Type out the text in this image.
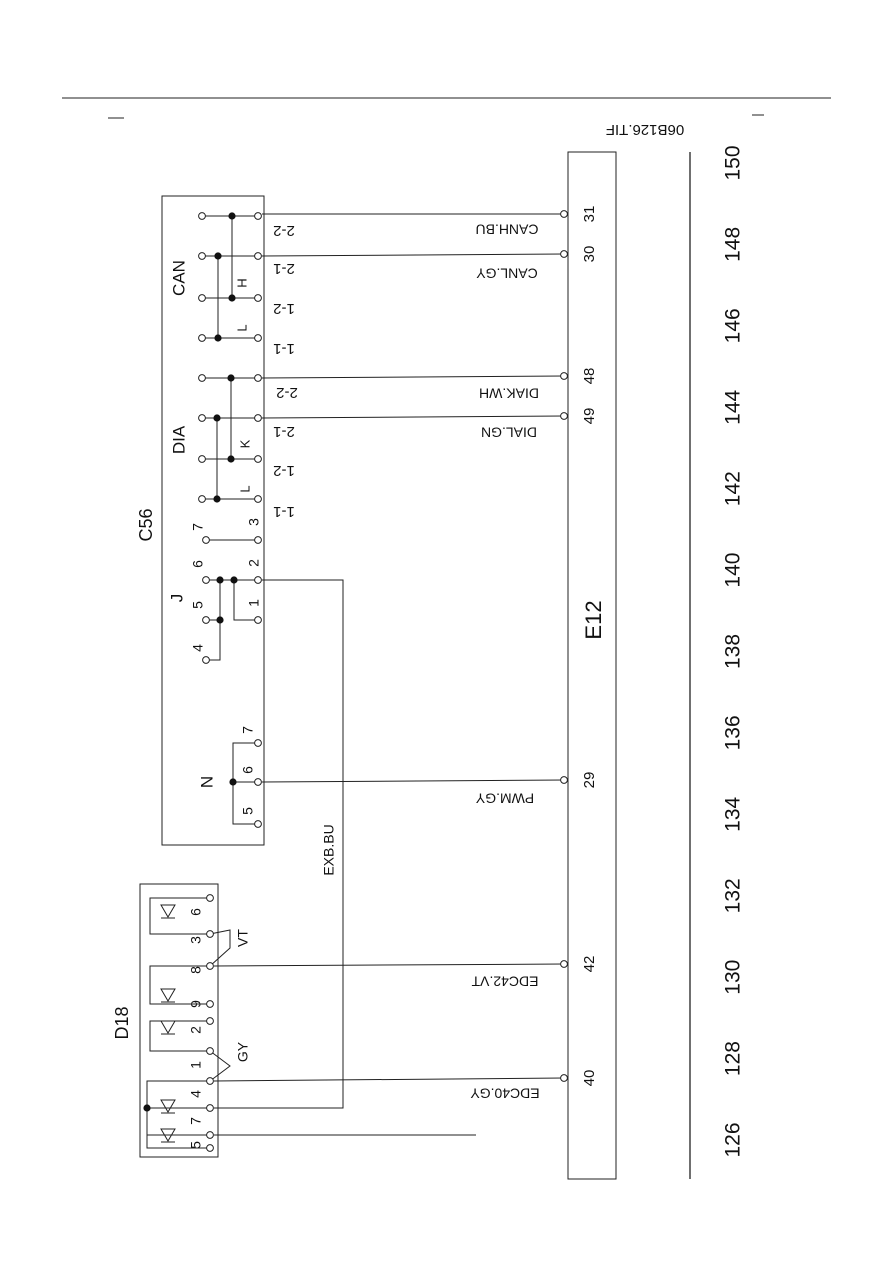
06B126.TIF
C56
CAN	H
L
2-2
2-1
1-2
1-1
DIA	K
L
2-2
2-1
1-2
1-1
J
7
6
5
4
3
2
1
N
7
6
5
D18
5
7
4
1
2
9
8
3
6
GY
VT
E12
CANH.BU
CANL.GY
DIAK.WH
DIAL.GN
PWM.GY
EDC42.VT
EDC40.GY
EXB.BU
31
30
48
49
29
42
40
126
128
130
132
134
136
138
140
142
144
146
148
150
